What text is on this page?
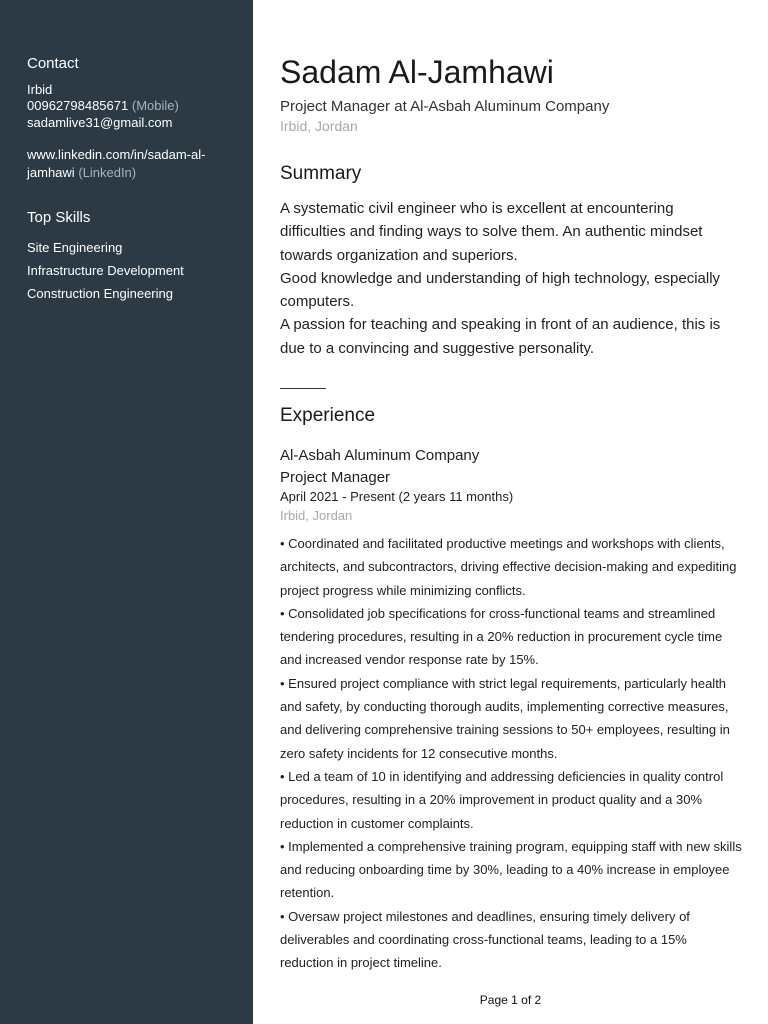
Contact
Irbid
00962798485671 (Mobile)
sadamlive31@gmail.com
www.linkedin.com/in/sadam-al-
jamhawi (LinkedIn)
Top Skills
Site Engineering
Infrastructure Development
Construction Engineering
Sadam Al-Jamhawi
Project Manager at Al-Asbah Aluminum Company
Irbid, Jordan
Summary

A systematic civil engineer who is excellent at encountering difficulties and finding ways to solve them. An authentic mindset towards organization and superiors.

Good knowledge and understanding of high technology, especially computers.

A passion for teaching and speaking in front of an audience, this is due to a convincing and suggestive personality.

Experience
Al-Asbah Aluminum Company
Project Manager
April 2021 - Present (2 years 11 months)
Irbid, Jordan
• Coordinated and facilitated productive meetings and workshops with clients, architects, and subcontractors, driving effective decision-making and expediting project progress while minimizing conflicts.
• Consolidated job specifications for cross-functional teams and streamlined tendering procedures, resulting in a 20% reduction in procurement cycle time and increased vendor response rate by 15%.
• Ensured project compliance with strict legal requirements, particularly health and safety, by conducting thorough audits, implementing corrective measures, and delivering comprehensive training sessions to 50+ employees, resulting in zero safety incidents for 12 consecutive months.
• Led a team of 10 in identifying and addressing deficiencies in quality control procedures, resulting in a 20% improvement in product quality and a 30% reduction in customer complaints.
• Implemented a comprehensive training program, equipping staff with new skills and reducing onboarding time by 30%, leading to a 40% increase in employee retention.
• Oversaw project milestones and deadlines, ensuring timely delivery of deliverables and coordinating cross-functional teams, leading to a 15% reduction in project timeline.
Page 1 of 2
